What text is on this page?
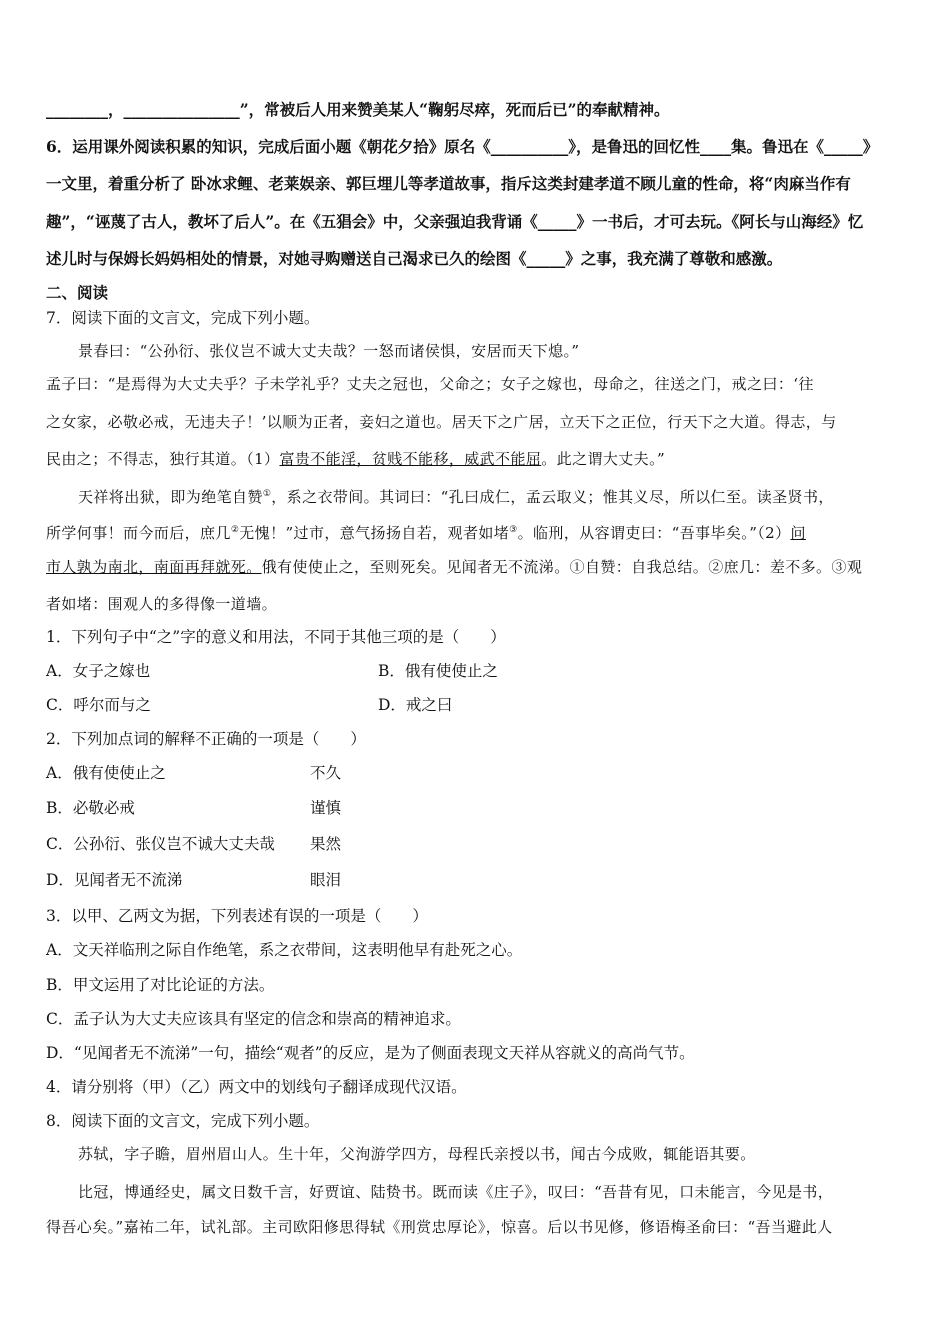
________，_______________”，常被后人用来赞美某人“鞠躬尽瘁，死而后已”的奉献精神。
6．运用课外阅读积累的知识，完成后面小题《朝花夕拾》原名《__________》，是鲁迅的回忆性____集。鲁迅在《_____》
一文里，着重分析了 卧冰求鲤、老莱娱亲、郭巨埋儿等孝道故事，指斥这类封建孝道不顾儿童的性命，将“肉麻当作有
趣”，“诬蔑了古人，教坏了后人”。在《五猖会》中，父亲强迫我背诵《_____》一书后，才可去玩。《阿长与山海经》忆
述儿时与保姆长妈妈相处的情景，对她寻购赠送自己渴求已久的绘图《_____》之事，我充满了尊敬和感激。
二、阅读
7．阅读下面的文言文，完成下列小题。
景春曰：“公孙衍、张仪岂不诚大丈夫哉？一怒而诸侯惧，安居而天下熄。”
孟子曰：“是焉得为大丈夫乎？子未学礼乎？丈夫之冠也，父命之；女子之嫁也，母命之，往送之门，戒之曰：‘往
之女家，必敬必戒，无违夫子！’以顺为正者，妾妇之道也。居天下之广居，立天下之正位，行天下之大道。得志，与
民由之；不得志，独行其道。（1）富贵不能淫，贫贱不能移，威武不能屈。此之谓大丈夫。”
天祥将出狱，即为绝笔自赞①，系之衣带间。其词曰：“孔曰成仁，孟云取义；惟其义尽，所以仁至。读圣贤书，
所学何事！而今而后，庶几②无愧！”过市，意气扬扬自若，观者如堵③。临刑，从容谓吏曰：“吾事毕矣。”（2）问
市人孰为南北，南面再拜就死。俄有使使止之，至则死矣。见闻者无不流涕。①自赞：自我总结。②庶几：差不多。③观
者如堵：围观人的多得像一道墙。
1．下列句子中“之”字的意义和用法，不同于其他三项的是（　　）
A．女子之嫁也	B．俄有使使止之
C．呼尔而与之	D．戒之曰
2．下列加点词的解释不正确的一项是（　　）
A．俄有使使止之	不久
B．必敬必戒	谨慎
C．公孙衍、张仪岂不诚大丈夫哉 果然
D．见闻者无不流涕	眼泪
3．以甲、乙两文为据，下列表述有误的一项是（　　）
A．文天祥临刑之际自作绝笔，系之衣带间，这表明他早有赴死之心。
B．甲文运用了对比论证的方法。
C．孟子认为大丈夫应该具有坚定的信念和崇高的精神追求。
D．“见闻者无不流涕”一句，描绘“观者”的反应，是为了侧面表现文天祥从容就义的高尚气节。
4．请分别将（甲）（乙）两文中的划线句子翻译成现代汉语。
8．阅读下面的文言文，完成下列小题。
苏轼，字子瞻，眉州眉山人。生十年，父洵游学四方，母程氏亲授以书，闻古今成败，辄能语其要。
比冠，博通经史，属文日数千言，好贾谊、陆贽书。既而读《庄子》，叹曰：“吾昔有见，口未能言，今见是书，
得吾心矣。”嘉祐二年，试礼部。主司欧阳修思得轼《刑赏忠厚论》，惊喜。后以书见修，修语梅圣俞曰：“吾当避此人
